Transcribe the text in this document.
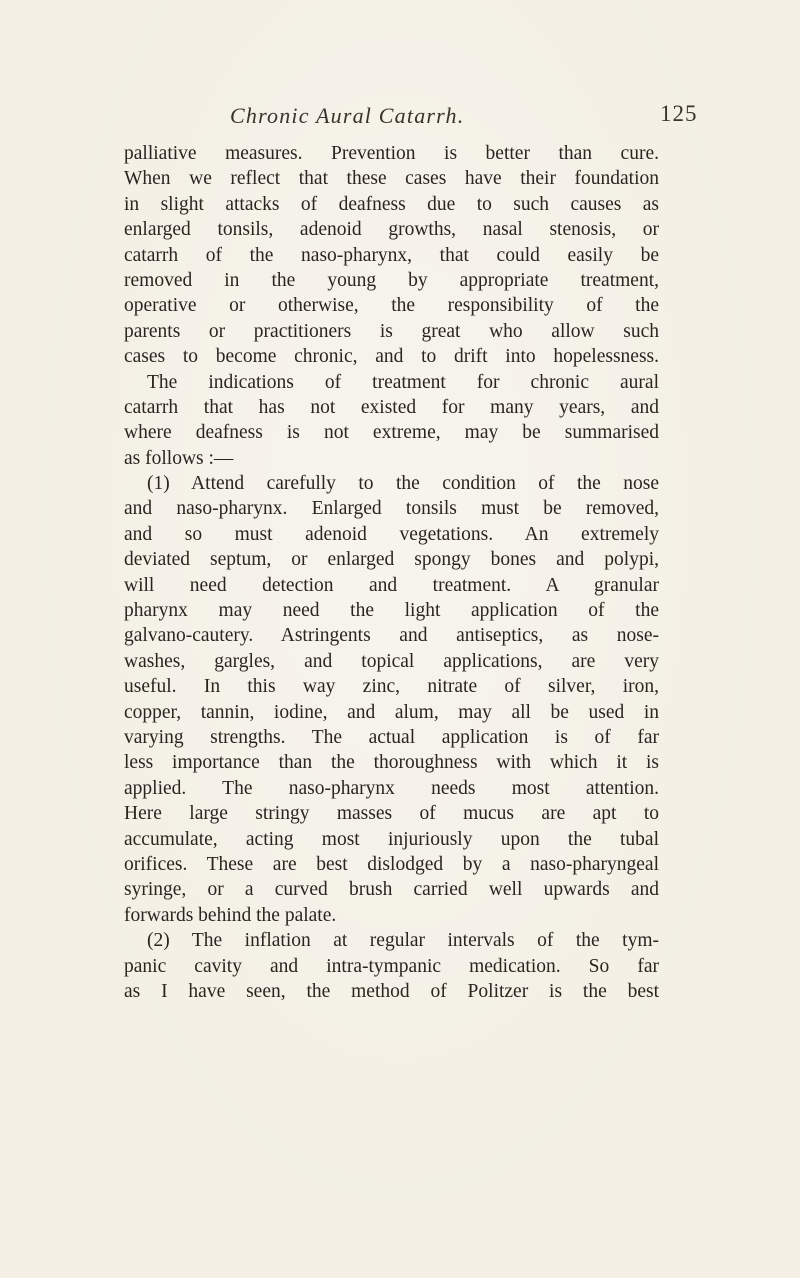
Chronic Aural Catarrh.	125
palliative measures. Prevention is better than cure.
When we reflect that these cases have their foundation
in slight attacks of deafness due to such causes as
enlarged tonsils, adenoid growths, nasal stenosis, or
catarrh of the naso-pharynx, that could easily be
removed in the young by appropriate treatment,
operative or otherwise, the responsibility of the
parents or practitioners is great who allow such
cases to become chronic, and to drift into hopelessness.
The indications of treatment for chronic aural
catarrh that has not existed for many years, and
where deafness is not extreme, may be summarised
as follows :—
(1) Attend carefully to the condition of the nose
and naso-pharynx. Enlarged tonsils must be removed,
and so must adenoid vegetations. An extremely
deviated septum, or enlarged spongy bones and polypi,
will need detection and treatment. A granular
pharynx may need the light application of the
galvano-cautery. Astringents and antiseptics, as nose-
washes, gargles, and topical applications, are very
useful. In this way zinc, nitrate of silver, iron,
copper, tannin, iodine, and alum, may all be used in
varying strengths. The actual application is of far
less importance than the thoroughness with which it is
applied. The naso-pharynx needs most attention.
Here large stringy masses of mucus are apt to
accumulate, acting most injuriously upon the tubal
orifices. These are best dislodged by a naso-pharyngeal
syringe, or a curved brush carried well upwards and
forwards behind the palate.
(2) The inflation at regular intervals of the tym-
panic cavity and intra-tympanic medication. So far
as I have seen, the method of Politzer is the best
